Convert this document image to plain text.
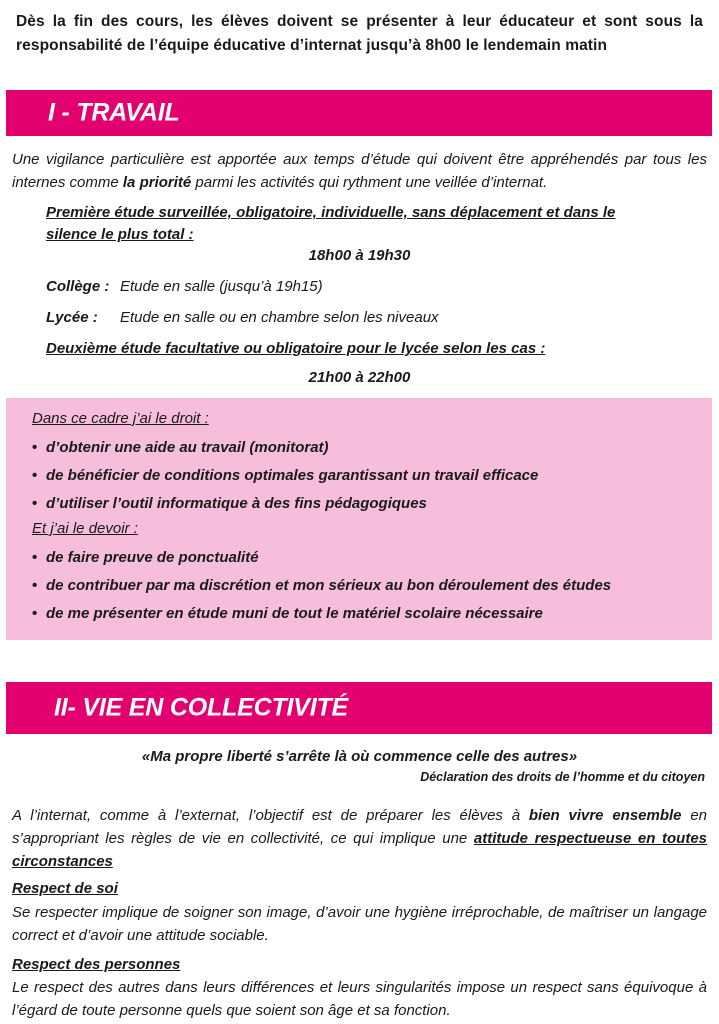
Dès la fin des cours, les élèves doivent se présenter à leur éducateur et sont sous la responsabilité de l’équipe éducative d’internat jusqu’à 8h00 le lendemain matin
I - TRAVAIL
Une vigilance particulière est apportée aux temps d’étude qui doivent être appréhendés par tous les internes comme la priorité parmi les activités qui rythment une veillée d’internat.
Première étude surveillée, obligatoire, individuelle, sans déplacement et dans le silence le plus total :
18h00 à 19h30
Collège : Etude en salle (jusqu’à 19h15)
Lycée : Etude en salle ou en chambre selon les niveaux
Deuxième étude facultative ou obligatoire pour le lycée selon les cas :
21h00 à 22h00
Dans ce cadre j’ai le droit :
• d’obtenir une aide au travail (monitorat)
• de bénéficier de conditions optimales garantissant un travail efficace
• d’utiliser l’outil informatique à des fins pédagogiques
Et j’ai le devoir :
• de faire preuve de ponctualité
• de contribuer par ma discrétion et mon sérieux au bon déroulement des études
• de me présenter en étude muni de tout le matériel scolaire nécessaire
II- VIE EN COLLECTIVITÉ
«Ma propre liberté s’arrête là où commence celle des autres»
Déclaration des droits de l’homme et du citoyen
A l’internat, comme à l’externat, l’objectif est de préparer les élèves à bien vivre ensemble en s’appropriant les règles de vie en collectivité, ce qui implique une attitude respectueuse en toutes circonstances
Respect de soi
Se respecter implique de soigner son image, d’avoir une hygiène irréprochable, de maîtriser un langage correct et d’avoir une attitude sociable.
Respect des personnes
Le respect des autres dans leurs différences et leurs singularités impose un respect sans équivoque à l’égard de toute personne quels que soient son âge et sa fonction.
